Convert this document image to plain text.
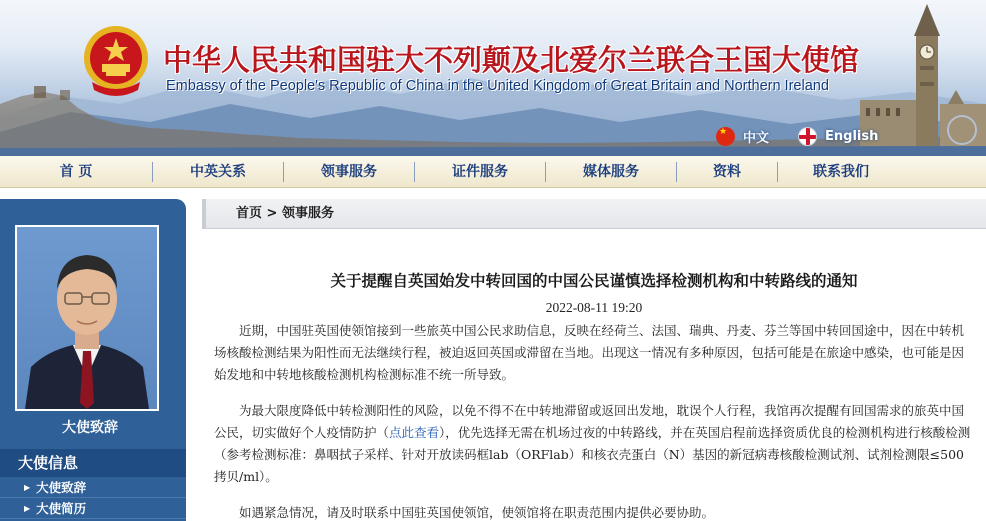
中华人民共和国驻大不列颠及北爱尔兰联合王国大使馆
Embassy of the People's Republic of China in the United Kingdom of Great Britain and Northern Ireland
★
中文	English
首 页	中英关系	领事服务	证件服务	媒体服务	资料	联系我们
大使致辞
大使信息
▶ 大使致辞
▶ 大使简历
首页 > 领事服务
关于提醒自英国始发中转回国的中国公民谨慎选择检测机构和中转路线的通知
2022-08-11 19:20

近期，中国驻英国使领馆接到一些旅英中国公民求助信息，反映在经荷兰、法国、瑞典、丹麦、芬兰等国中转回国途中，因在中转机场核酸检测结果为阳性而无法继续行程，被迫返回英国或滞留在当地。出现这一情况有多种原因，包括可能是在旅途中感染，也可能是因始发地和中转地核酸检测机构检测标准不统一所导致。

为最大限度降低中转检测阳性的风险，以免不得不在中转地滞留或返回出发地，耽误个人行程，我馆再次提醒有回国需求的旅英中国公民，切实做好个人疫情防护（点此查看），优先选择无需在机场过夜的中转路线，并在英国启程前选择资质优良的检测机构进行核酸检测（参考检测标准：鼻咽拭子采样、针对开放读码框lab（ORFlab）和核衣壳蛋白（N）基因的新冠病毒核酸检测试剂、试剂检测限≤500拷贝/ml）。

如遇紧急情况，请及时联系中国驻英国使领馆，使领馆将在职责范围内提供必要协助。
